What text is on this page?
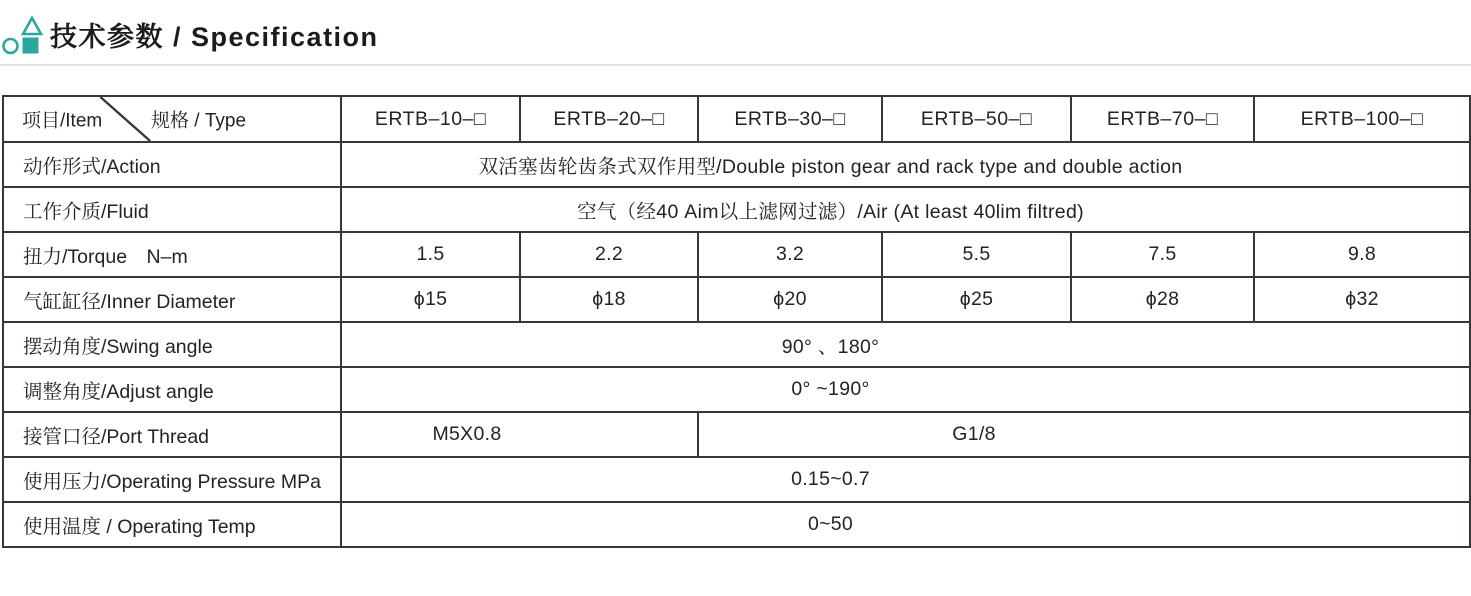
技术参数 / Specification
项目/Item 规格 / Type	ERTB–10–□	ERTB–20–□	ERTB–30–□	ERTB–50–□	ERTB–70–□	ERTB–100–□
动作形式/Action	双活塞齿轮齿条式双作用型/Double piston gear and rack type and double action					
工作介质/Fluid	空气（经40 Aim以上滤网过滤）/Air (At least 40lim filtred)					
扭力/Torque　N–m	1.5	2.2	3.2	5.5	7.5	9.8
气缸缸径/Inner Diameter	ϕ15	ϕ18	ϕ20	ϕ25	ϕ28	ϕ32
摆动角度/Swing angle	90° 、180°					
调整角度/Adjust angle	0° ~190°					
接管口径/Port Thread	M5X0.8		G1/8			
使用压力/Operating Pressure MPa	0.15~0.7					
使用温度 / Operating Temp	0~50					
